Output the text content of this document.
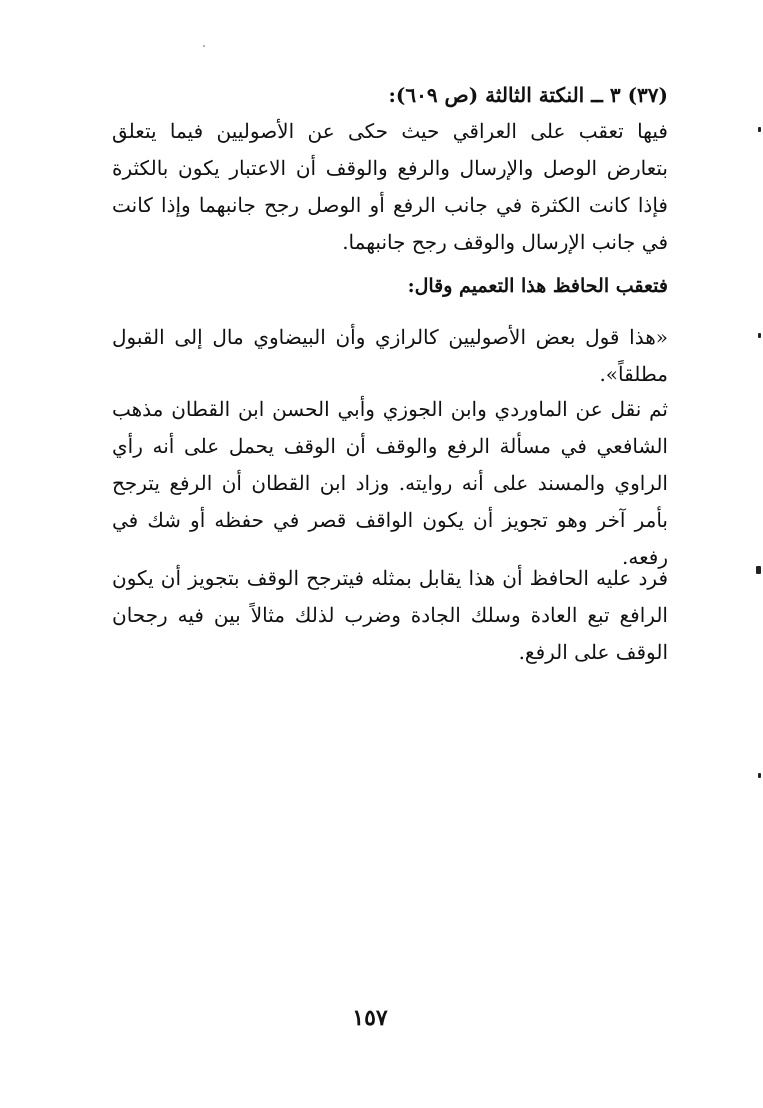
(٣٧) ٣ ــ النكتة الثالثة (ص ٦٠٩):
فيها تعقب على العراقي حيث حكى عن الأصوليين فيما يتعلق بتعارض الوصل والإرسال والرفع والوقف أن الاعتبار يكون بالكثرة فإذا كانت الكثرة في جانب الرفع أو الوصل رجح جانبهما وإذا كانت في جانب الإرسال والوقف رجح جانبهما.
فتعقب الحافظ هذا التعميم وقال:
«هذا قول بعض الأصوليين كالرازي وأن البيضاوي مال إلى القبول مطلقاً».
ثم نقل عن الماوردي وابن الجوزي وأبي الحسن ابن القطان مذهب الشافعي في مسألة الرفع والوقف أن الوقف يحمل على أنه رأي الراوي والمسند على أنه روايته. وزاد ابن القطان أن الرفع يترجح بأمر آخر وهو تجويز أن يكون الواقف قصر في حفظه أو شك في رفعه.
فرد عليه الحافظ أن هذا يقابل بمثله فيترجح الوقف بتجويز أن يكون الرافع تبع العادة وسلك الجادة وضرب لذلك مثالاً بين فيه رجحان الوقف على الرفع.
١٥٧
